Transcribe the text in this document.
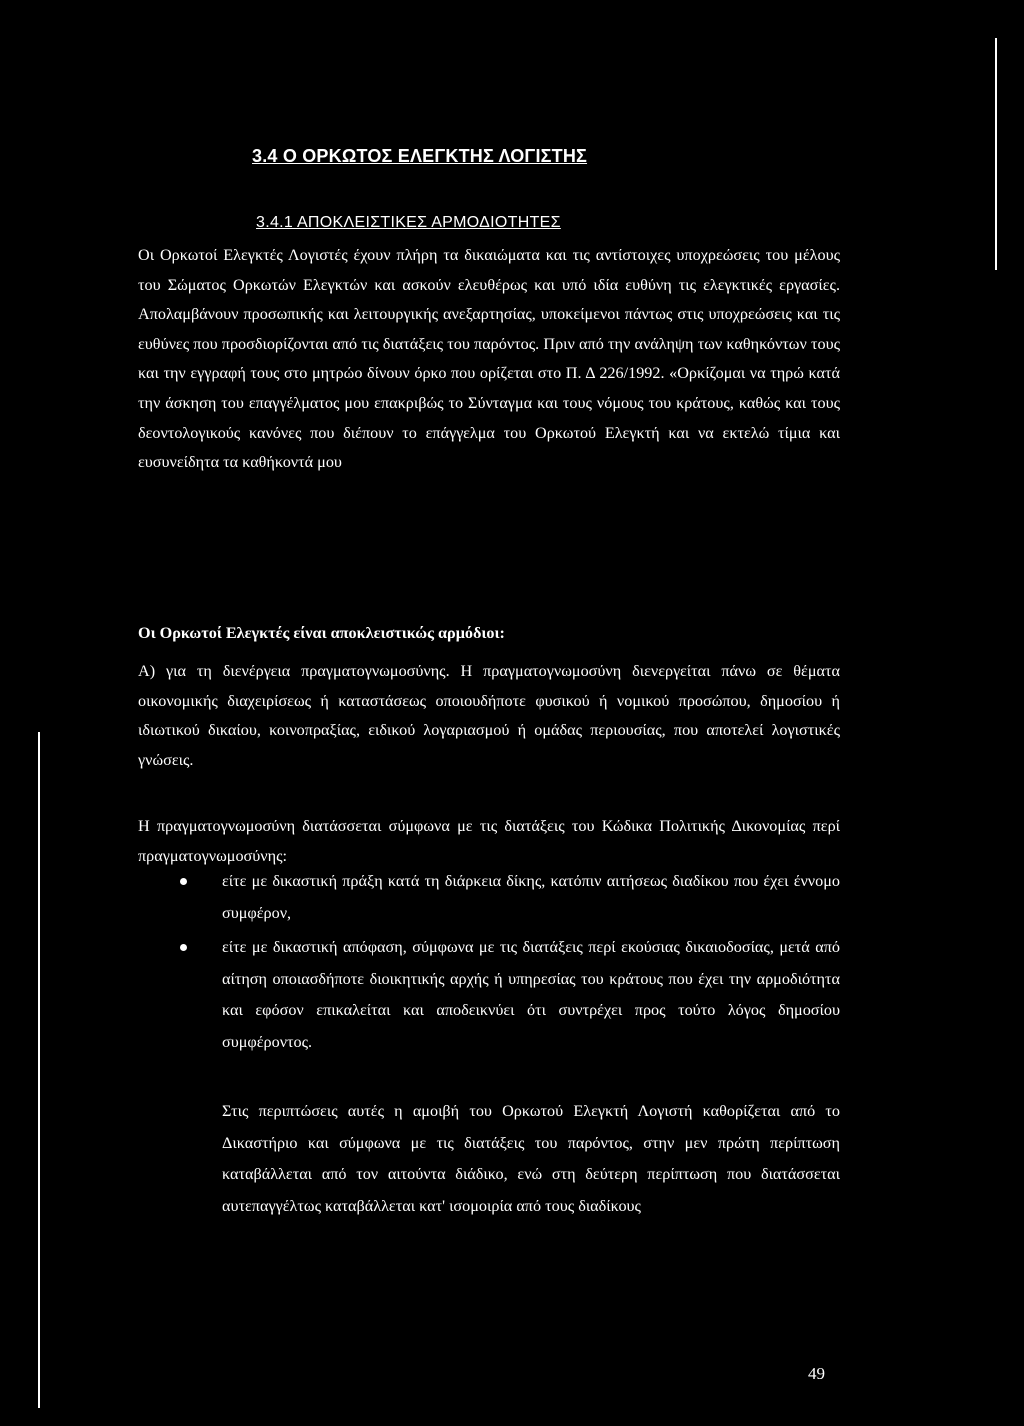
3.4 Ο ΟΡΚΩΤΟΣ ΕΛΕΓΚΤΗΣ ΛΟΓΙΣΤΗΣ
3.4.1 ΑΠΟΚΛΕΙΣΤΙΚΕΣ ΑΡΜΟΔΙΟΤΗΤΕΣ
Οι Ορκωτοί Ελεγκτές Λογιστές έχουν πλήρη τα δικαιώματα και τις αντίστοιχες υποχρεώσεις του μέλους του Σώματος Ορκωτών Ελεγκτών και ασκούν ελευθέρως και υπό ιδία ευθύνη τις ελεγκτικές εργασίες. Απολαμβάνουν προσωπικής και λειτουργικής ανεξαρτησίας, υποκείμενοι πάντως στις υποχρεώσεις και τις ευθύνες που προσδιορίζονται από τις διατάξεις του παρόντος. Πριν από την ανάληψη των καθηκόντων τους και την εγγραφή τους στο μητρώο δίνουν όρκο που ορίζεται στο Π. Δ 226/1992. «Ορκίζομαι να τηρώ κατά την άσκηση του επαγγέλματος μου επακριβώς το Σύνταγμα και τους νόμους του κράτους, καθώς και τους δεοντολογικούς κανόνες που διέπουν το επάγγελμα του Ορκωτού Ελεγκτή και να εκτελώ τίμια και ευσυνείδητα τα καθήκοντά μου
Οι Ορκωτοί Ελεγκτές είναι αποκλειστικώς αρμόδιοι:
Α) για τη διενέργεια πραγματογνωμοσύνης. Η πραγματογνωμοσύνη διενεργείται πάνω σε θέματα οικονομικής διαχειρίσεως ή καταστάσεως οποιουδήποτε φυσικού ή νομικού προσώπου, δημοσίου ή ιδιωτικού δικαίου, κοινοπραξίας, ειδικού λογαριασμού ή ομάδας περιουσίας, που αποτελεί λογιστικές γνώσεις.
Η πραγματογνωμοσύνη διατάσσεται σύμφωνα με τις διατάξεις του Κώδικα Πολιτικής Δικονομίας περί πραγματογνωμοσύνης:
είτε με δικαστική πράξη κατά τη διάρκεια δίκης, κατόπιν αιτήσεως διαδίκου που έχει έννομο συμφέρον,
είτε με δικαστική απόφαση, σύμφωνα με τις διατάξεις περί εκούσιας δικαιοδοσίας, μετά από αίτηση οποιασδήποτε διοικητικής αρχής ή υπηρεσίας του κράτους που έχει την αρμοδιότητα και εφόσον επικαλείται και αποδεικνύει ότι συντρέχει προς τούτο λόγος δημοσίου συμφέροντος.
Στις περιπτώσεις αυτές η αμοιβή του Ορκωτού Ελεγκτή Λογιστή καθορίζεται από το Δικαστήριο και σύμφωνα με τις διατάξεις του παρόντος, στην μεν πρώτη περίπτωση καταβάλλεται από τον αιτούντα διάδικο, ενώ στη δεύτερη περίπτωση που διατάσσεται αυτεπαγγέλτως καταβάλλεται κατ' ισομοιρία από τους διαδίκους
49
